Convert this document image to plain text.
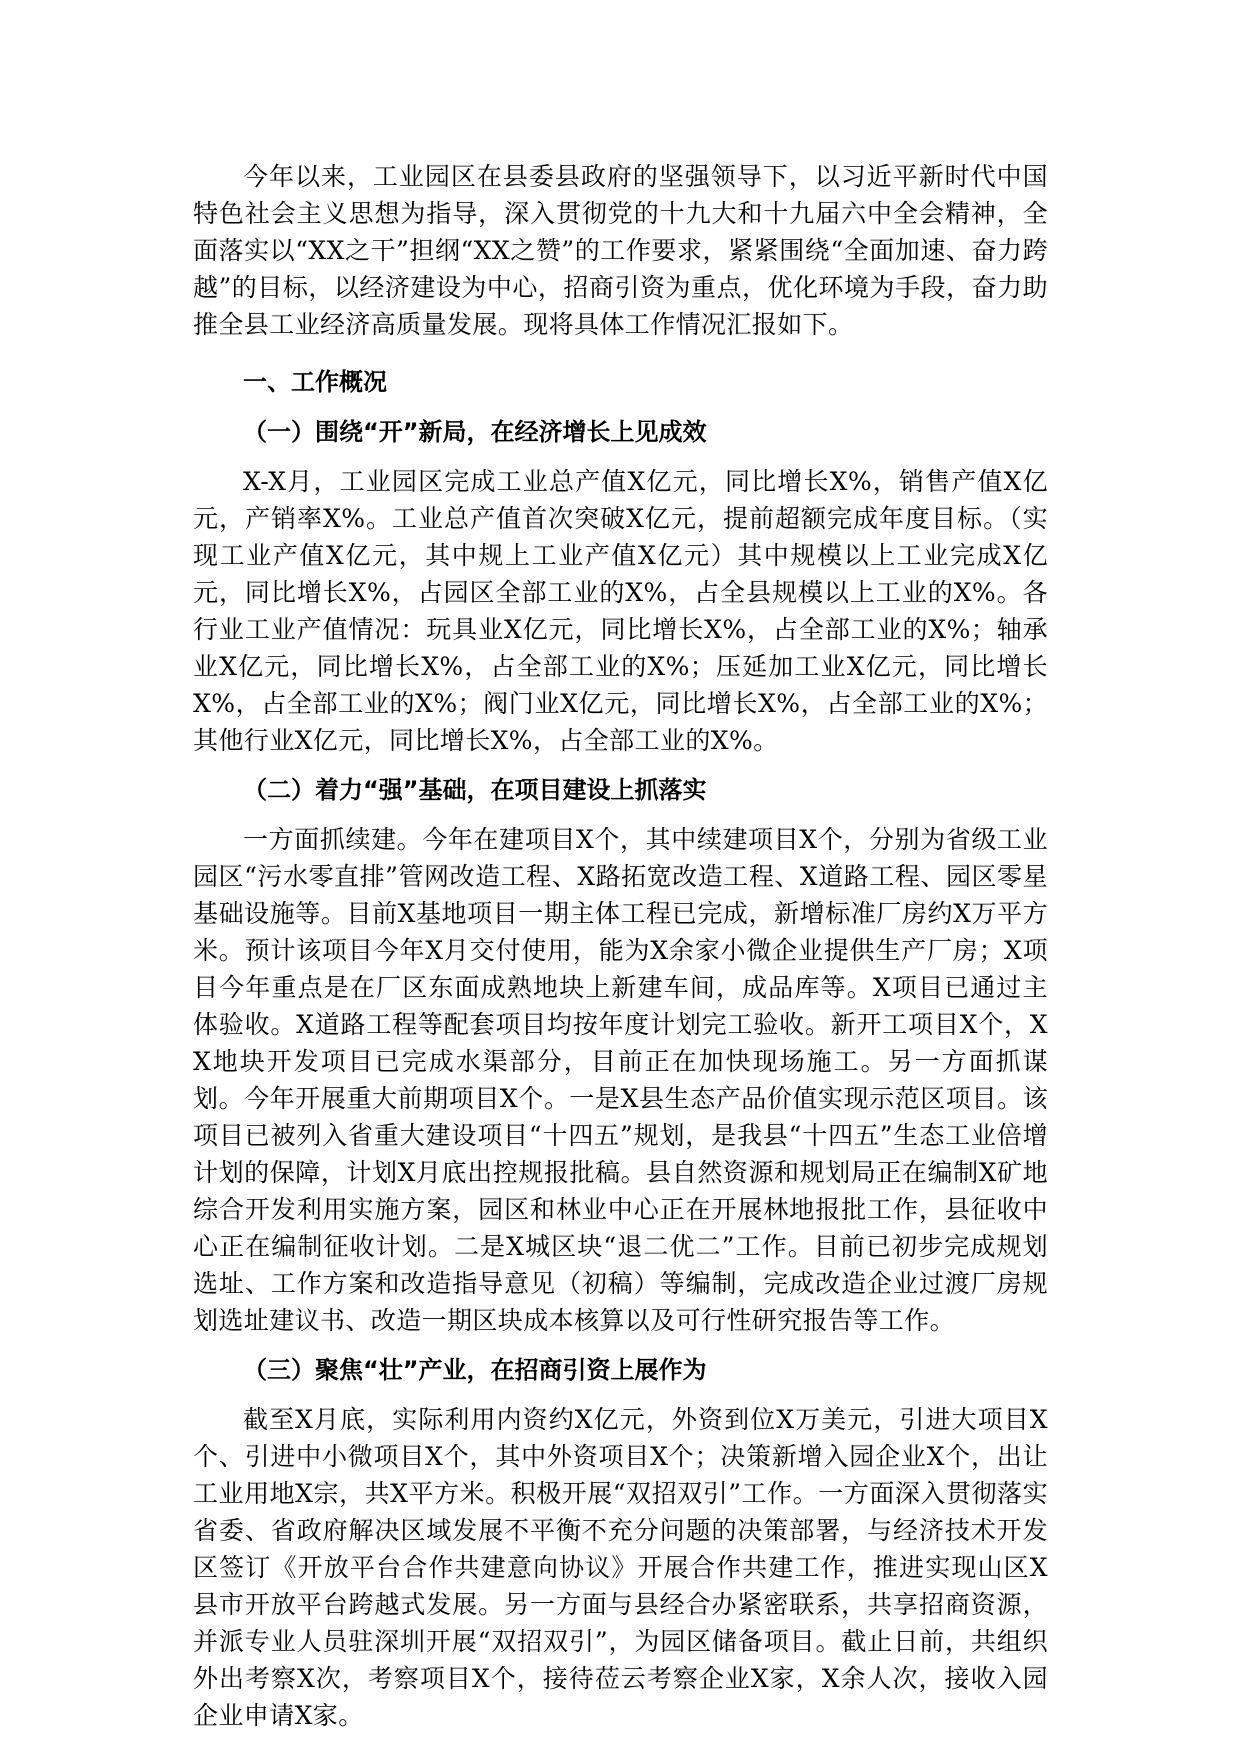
今年以来，工业园区在县委县政府的坚强领导下，以习近平新时代中国特色社会主义思想为指导，深入贯彻党的十九大和十九届六中全会精神，全面落实以“XX之干”担纲“XX之赞”的工作要求，紧紧围绕“全面加速、奋力跨越”的目标，以经济建设为中心，招商引资为重点，优化环境为手段，奋力助推全县工业经济高质量发展。现将具体工作情况汇报如下。

一、工作概况

（一）围绕“开”新局，在经济增长上见成效

X-X月，工业园区完成工业总产值X亿元，同比增长X%，销售产值X亿元，产销率X%。工业总产值首次突破X亿元，提前超额完成年度目标。（实现工业产值X亿元，其中规上工业产值X亿元）其中规模以上工业完成X亿元，同比增长X%，占园区全部工业的X%，占全县规模以上工业的X%。各行业工业产值情况：玩具业X亿元，同比增长X%，占全部工业的X%；轴承业X亿元，同比增长X%，占全部工业的X%；压延加工业X亿元，同比增长X%，占全部工业的X%；阀门业X亿元，同比增长X%，占全部工业的X%；其他行业X亿元，同比增长X%，占全部工业的X%。

（二）着力“强”基础，在项目建设上抓落实

一方面抓续建。今年在建项目X个，其中续建项目X个，分别为省级工业园区“污水零直排”管网改造工程、X路拓宽改造工程、X道路工程、园区零星基础设施等。目前X基地项目一期主体工程已完成，新增标准厂房约X万平方米。预计该项目今年X月交付使用，能为X余家小微企业提供生产厂房；X项目今年重点是在厂区东面成熟地块上新建车间，成品库等。X项目已通过主体验收。X道路工程等配套项目均按年度计划完工验收。新开工项目X个，XX地块开发项目已完成水渠部分，目前正在加快现场施工。另一方面抓谋划。今年开展重大前期项目X个。一是X县生态产品价值实现示范区项目。该项目已被列入省重大建设项目“十四五”规划，是我县“十四五”生态工业倍增计划的保障，计划X月底出控规报批稿。县自然资源和规划局正在编制X矿地综合开发利用实施方案，园区和林业中心正在开展林地报批工作，县征收中心正在编制征收计划。二是X城区块“退二优二”工作。目前已初步完成规划选址、工作方案和改造指导意见（初稿）等编制，完成改造企业过渡厂房规划选址建议书、改造一期区块成本核算以及可行性研究报告等工作。

（三）聚焦“壮”产业，在招商引资上展作为

截至X月底，实际利用内资约X亿元，外资到位X万美元，引进大项目X个、引进中小微项目X个，其中外资项目X个；决策新增入园企业X个，出让工业用地X宗，共X平方米。积极开展“双招双引”工作。一方面深入贯彻落实省委、省政府解决区域发展不平衡不充分问题的决策部署，与经济技术开发区签订《开放平台合作共建意向协议》开展合作共建工作，推进实现山区X县市开放平台跨越式发展。另一方面与县经合办紧密联系，共享招商资源，并派专业人员驻深圳开展“双招双引”，为园区储备项目。截止日前，共组织外出考察X次，考察项目X个，接待莅云考察企业X家，X余人次，接收入园企业申请X家。
